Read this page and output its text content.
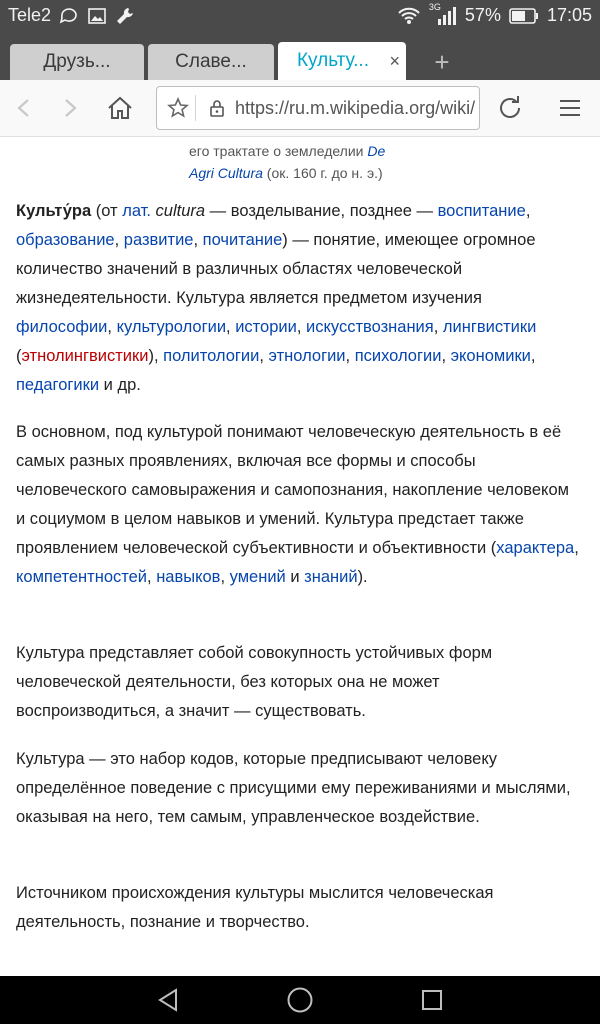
Tele2	3G 57%	17:05
Друзь...	Славе...	Культу... × +
https://ru.m.wikipedia.org/wiki/
его трактате о земледелии De
Agri Cultura (ок. 160 г. до н. э.)

Культу́ра (от лат. cultura — возделывание, позднее — воспитание, образование, развитие, почитание) — понятие, имеющее огромное количество значений в различных областях человеческой жизнедеятельности. Культура является предметом изучения философии, культурологии, истории, искусствознания, лингвистики (этнолингвистики), политологии, этнологии, психологии, экономики, педагогики и др.

В основном, под культурой понимают человеческую деятельность в её самых разных проявлениях, включая все формы и способы человеческого самовыражения и самопознания, накопление человеком и социумом в целом навыков и умений. Культура предстает также проявлением человеческой субъективности и объективности (характера, компетентностей, навыков, умений и знаний).

Культура представляет собой совокупность устойчивых форм человеческой деятельности, без которых она не может воспроизводиться, а значит — существовать.

Культура — это набор кодов, которые предписывают человеку определённое поведение с присущими ему переживаниями и мыслями, оказывая на него, тем самым, управленческое воздействие.

Источником происхождения культуры мыслится человеческая деятельность, познание и творчество.
